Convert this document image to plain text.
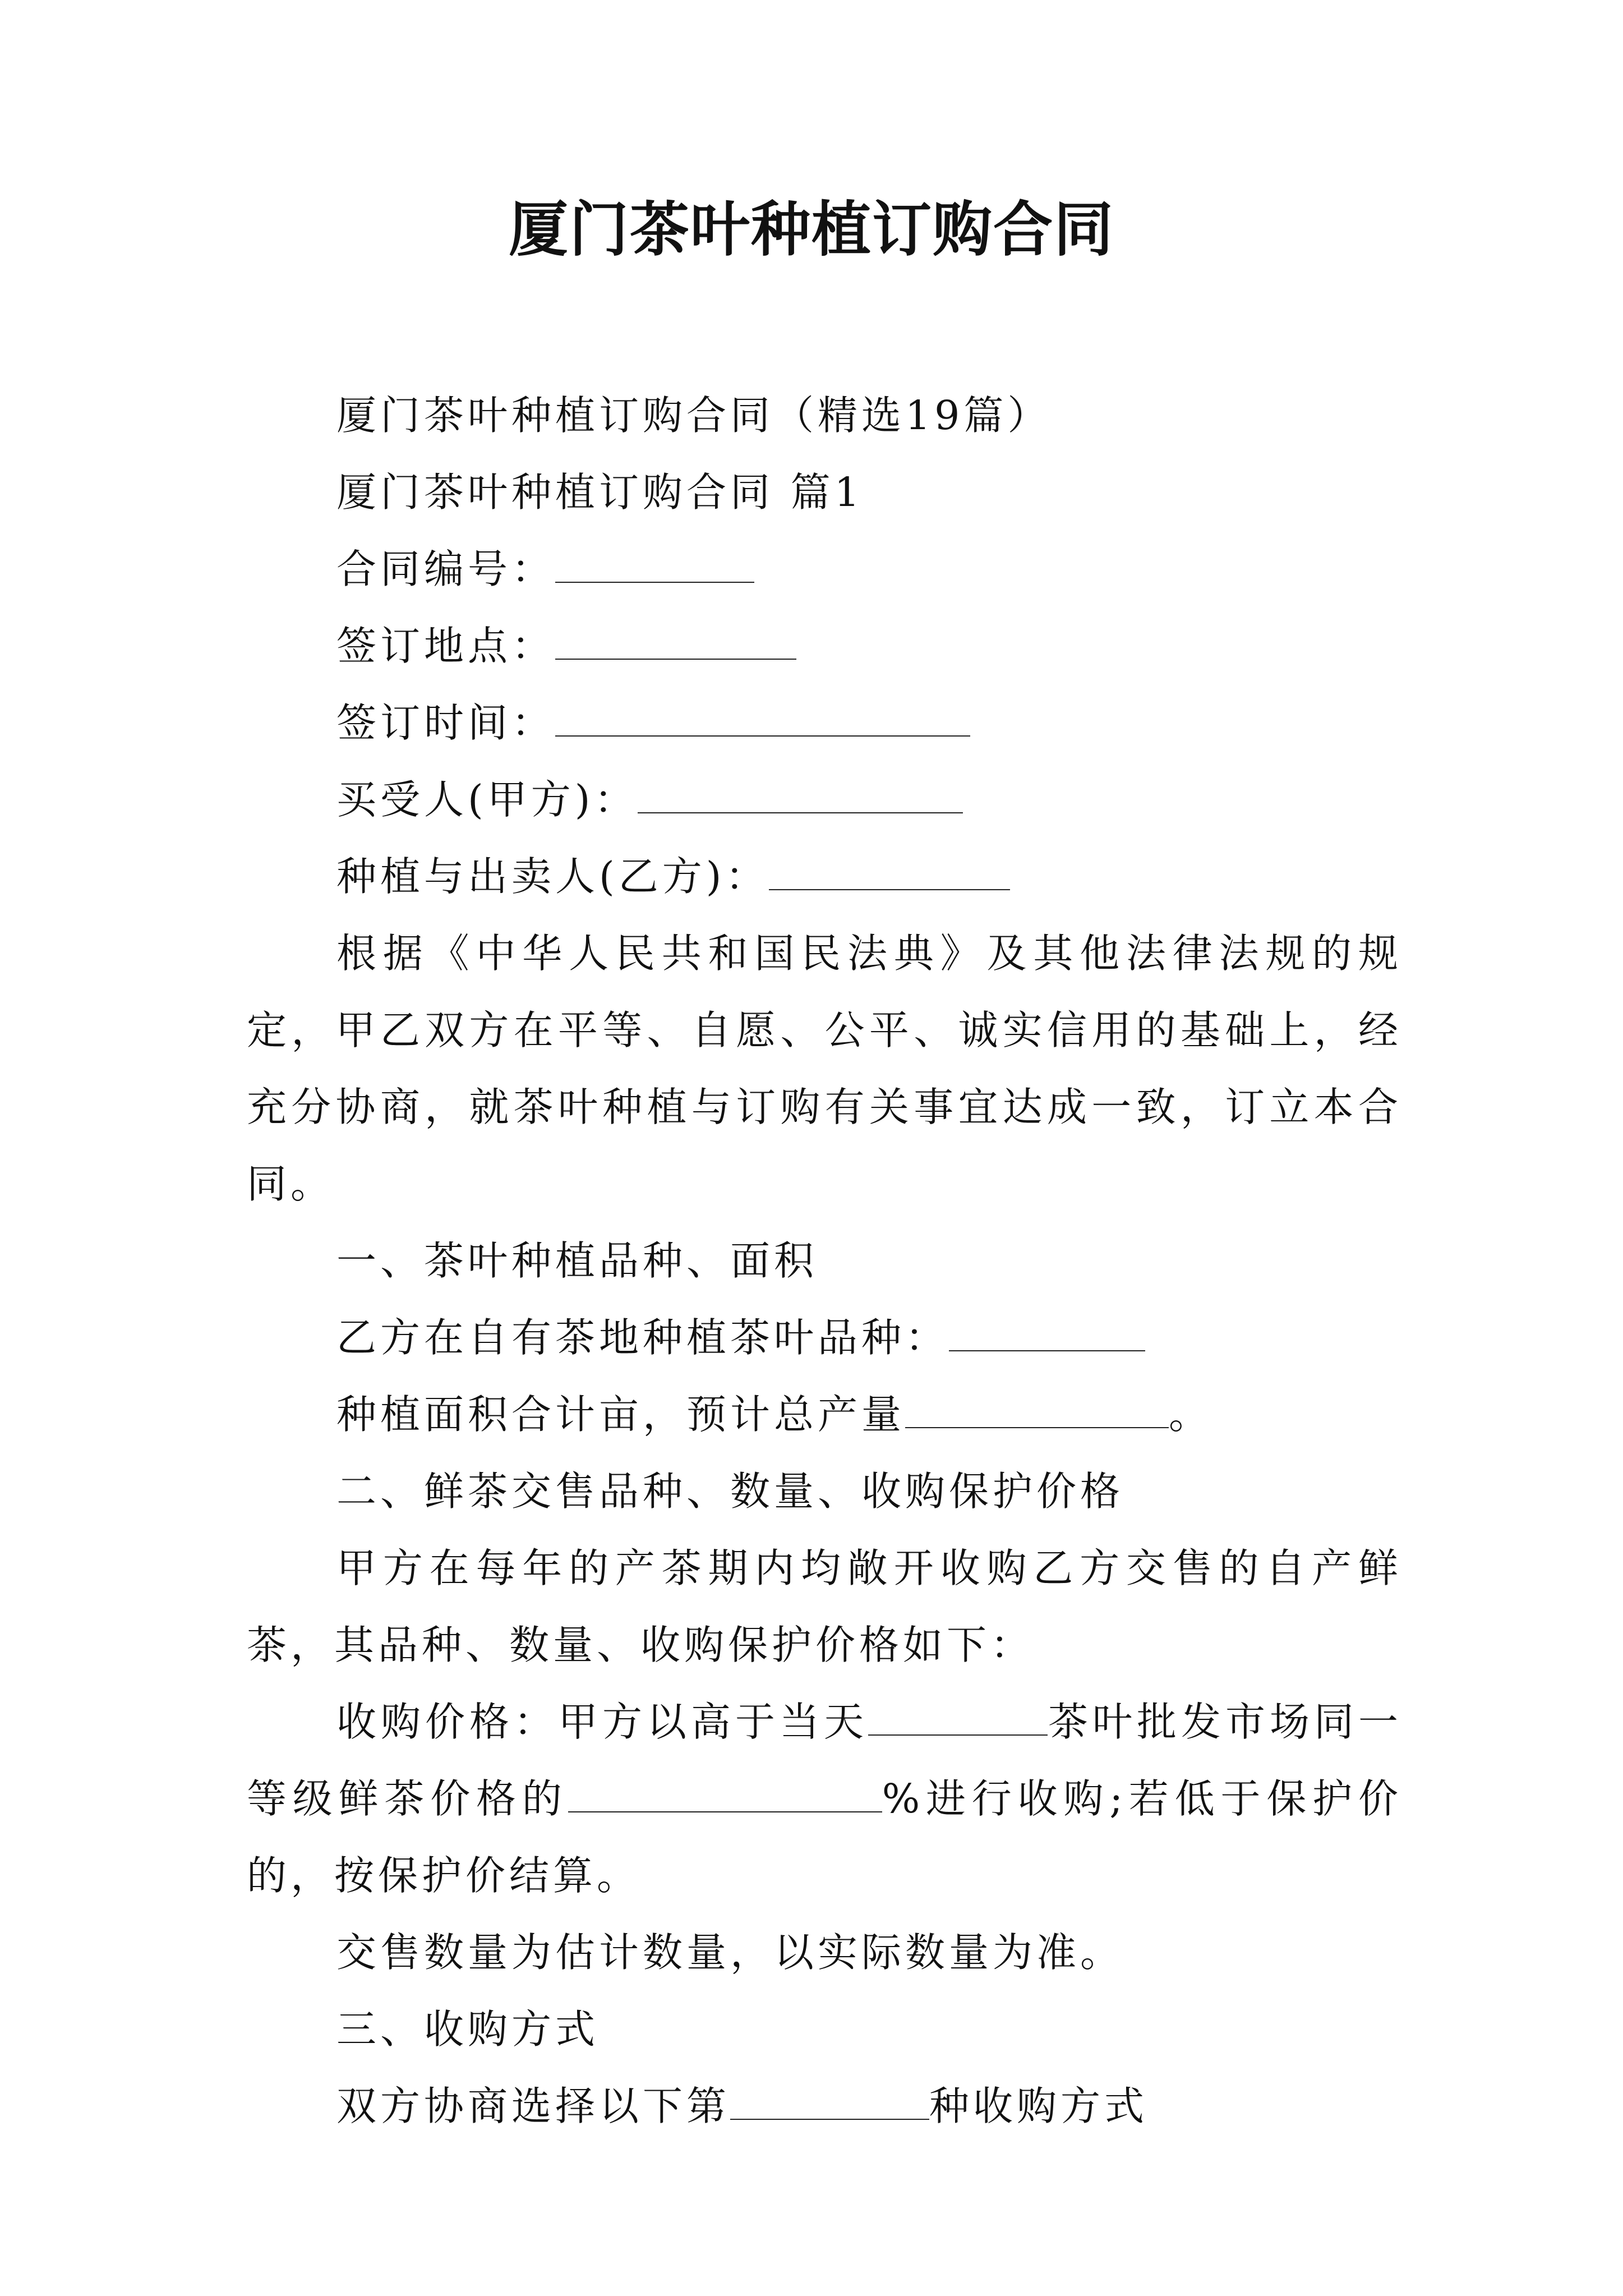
厦门茶叶种植订购合同

厦门茶叶种植订购合同（精选19篇）

厦门茶叶种植订购合同 篇1

合同编号：

签订地点：

签订时间：

买受人(甲方)：

种植与出卖人(乙方)：

根据《中华人民共和国民法典》及其他法律法规的规定，甲乙双方在平等、自愿、公平、诚实信用的基础上，经充分协商，就茶叶种植与订购有关事宜达成一致，订立本合同。

一、茶叶种植品种、面积

乙方在自有茶地种植茶叶品种：

种植面积合计亩，预计总产量	。

二、鲜茶交售品种、数量、收购保护价格

甲方在每年的产茶期内均敞开收购乙方交售的自产鲜茶，其品种、数量、收购保护价格如下：

收购价格：甲方以高于当天	茶叶批发市场同一等级鲜茶价格的	%进行收购;若低于保护价的，按保护价结算。

交售数量为估计数量，以实际数量为准。

三、收购方式

双方协商选择以下第	种收购方式
